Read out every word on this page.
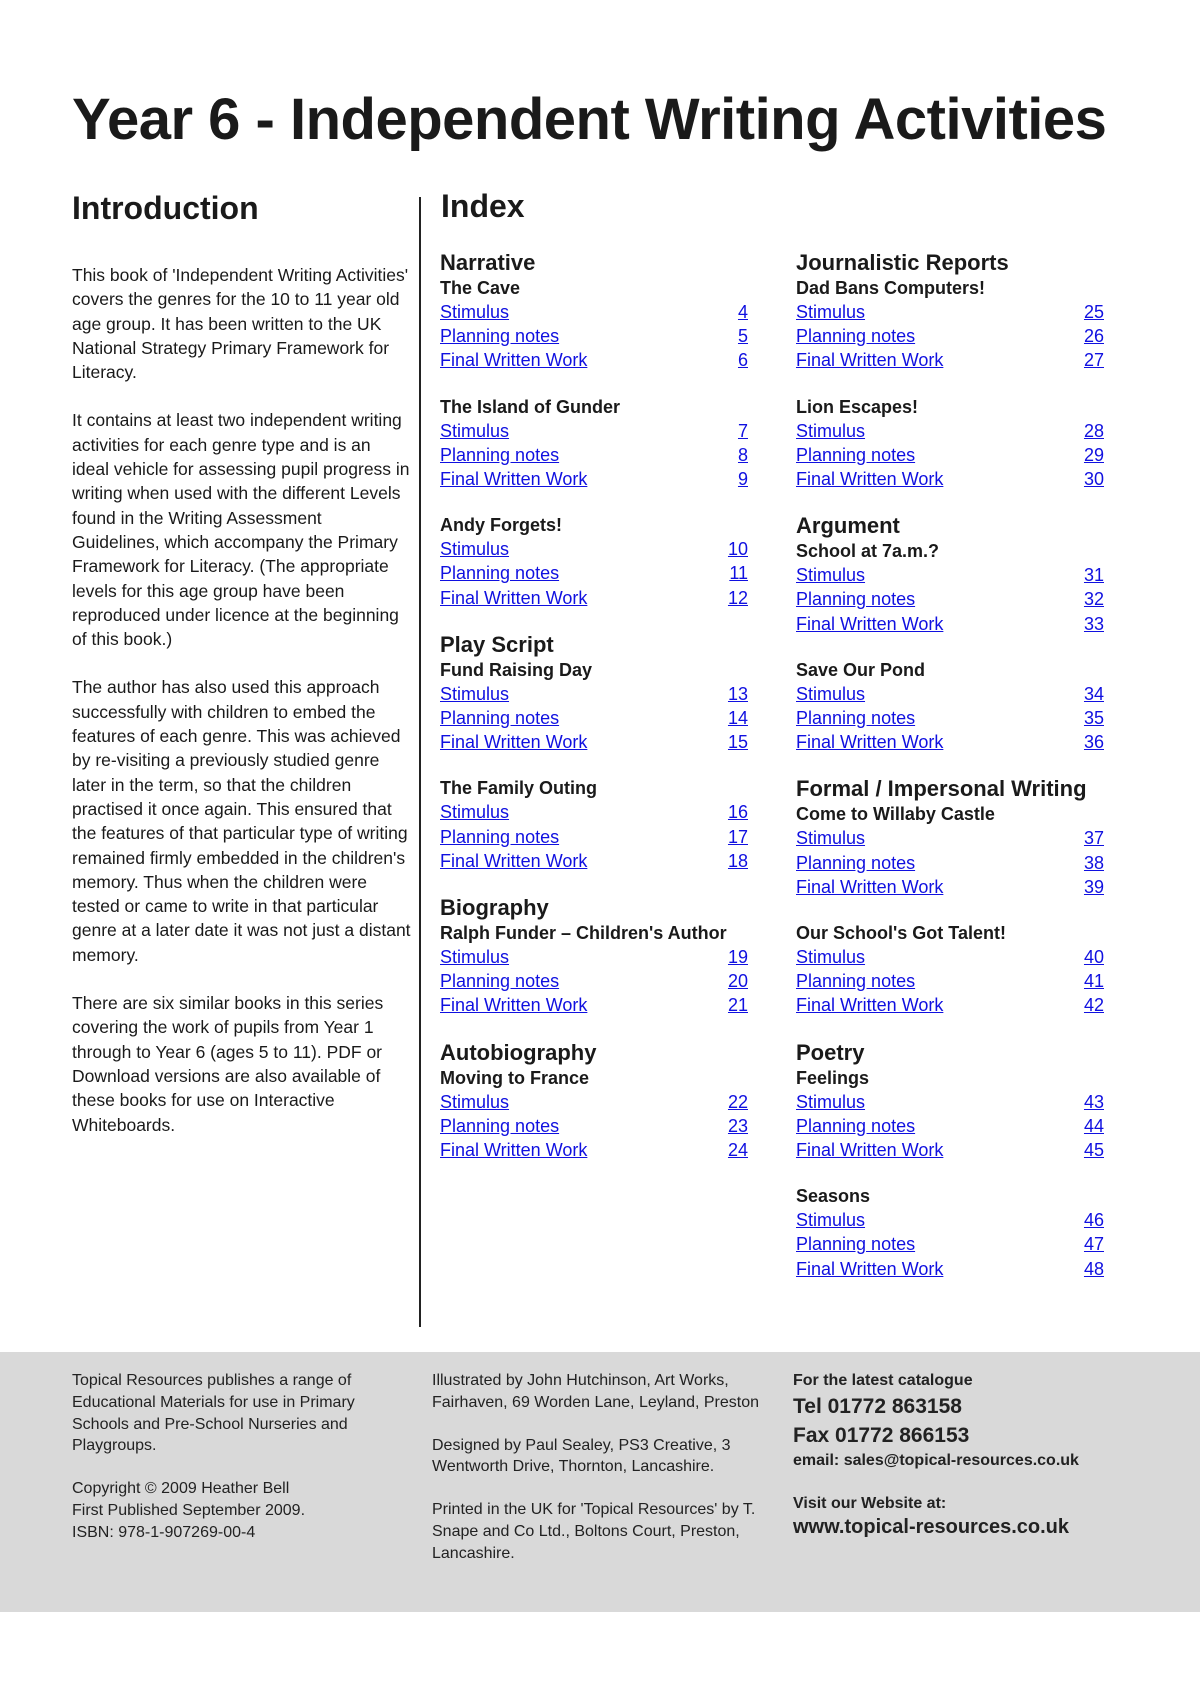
Year 6 - Independent Writing Activities
Introduction

This book of 'Independent Writing Activities' covers the genres for the 10 to 11 year old age group. It has been written to the UK National Strategy Primary Framework for Literacy.

It contains at least two independent writing activities for each genre type and is an ideal vehicle for assessing pupil progress in writing when used with the different Levels found in the Writing Assessment Guidelines, which accompany the Primary Framework for Literacy. (The appropriate levels for this age group have been reproduced under licence at the beginning of this book.)

The author has also used this approach successfully with children to embed the features of each genre. This was achieved by re-visiting a previously studied genre later in the term, so that the children practised it once again. This ensured that the features of that particular type of writing remained firmly embedded in the children's memory. Thus when the children were tested or came to write in that particular genre at a later date it was not just a distant memory.

There are six similar books in this series covering the work of pupils from Year 1 through to Year 6 (ages 5 to 11). PDF or Download versions are also available of these books for use on Interactive Whiteboards.

Index
Narrative
The Cave
Stimulus	4
Planning notes	5
Final Written Work	6
The Island of Gunder
Stimulus	7
Planning notes	8
Final Written Work	9
Andy Forgets!
Stimulus	10
Planning notes	11
Final Written Work	12
Play Script
Fund Raising Day
Stimulus	13
Planning notes	14
Final Written Work	15
The Family Outing
Stimulus	16
Planning notes	17
Final Written Work	18
Biography
Ralph Funder – Children's Author
Stimulus	19
Planning notes	20
Final Written Work	21
Autobiography
Moving to France
Stimulus	22
Planning notes	23
Final Written Work	24
Journalistic Reports
Dad Bans Computers!
Stimulus	25
Planning notes	26
Final Written Work	27
Lion Escapes!
Stimulus	28
Planning notes	29
Final Written Work	30
Argument
School at 7a.m.?
Stimulus	31
Planning notes	32
Final Written Work	33
Save Our Pond
Stimulus	34
Planning notes	35
Final Written Work	36
Formal / Impersonal Writing
Come to Willaby Castle
Stimulus	37
Planning notes	38
Final Written Work	39
Our School's Got Talent!
Stimulus	40
Planning notes	41
Final Written Work	42
Poetry
Feelings
Stimulus	43
Planning notes	44
Final Written Work	45
Seasons
Stimulus	46
Planning notes	47
Final Written Work	48

Topical Resources publishes a range of Educational Materials for use in Primary Schools and Pre-School Nurseries and Playgroups.

Copyright © 2009 Heather Bell
First Published September 2009.
ISBN: 978-1-907269-00-4

Illustrated by John Hutchinson, Art Works, Fairhaven, 69 Worden Lane, Leyland, Preston

Designed by Paul Sealey, PS3 Creative, 3 Wentworth Drive, Thornton, Lancashire.

Printed in the UK for 'Topical Resources' by T. Snape and Co Ltd., Boltons Court, Preston, Lancashire.

For the latest catalogue
Tel 01772 863158
Fax 01772 866153
email: sales@topical-resources.co.uk
Visit our Website at:
www.topical-resources.co.uk
